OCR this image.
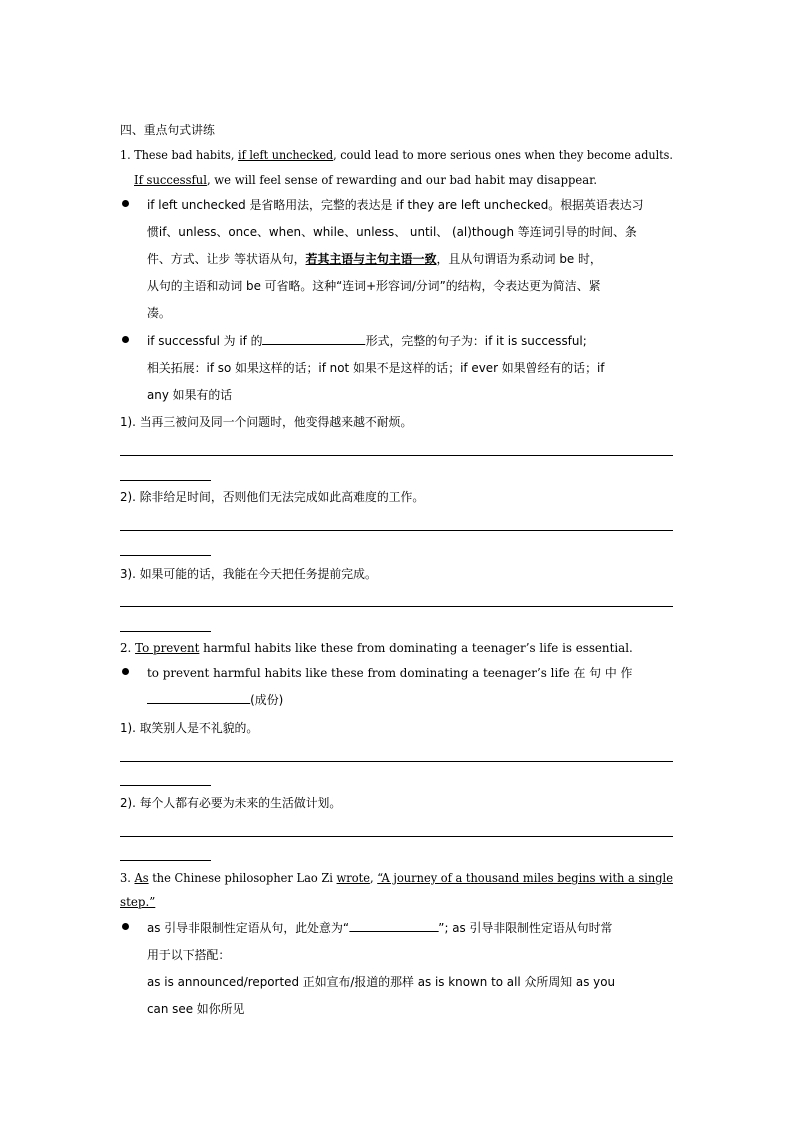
四、重点句式讲练
1. These bad habits, if left unchecked, could lead to more serious ones when they become adults.
If successful, we will feel sense of rewarding and our bad habit may disappear.
if left unchecked 是省略用法，完整的表达是 if they are left unchecked。根据英语表达习
惯if、unless、once、when、while、unless、 until、 (al)though 等连词引导的时间、条
件、方式、让步 等状语从句，若其主语与主句主语一致，且从句谓语为系动词 be 时，
从句的主语和动词 be 可省略。这种“连词+形容词/分词”的结构，令表达更为简洁、紧
凑。
if successful 为 if 的	形式，完整的句子为：if it is successful;
相关拓展：if so 如果这样的话；if not 如果不是这样的话；if ever 如果曾经有的话；if
any 如果有的话
1). 当再三被问及同一个问题时，他变得越来越不耐烦。
2). 除非给足时间，否则他们无法完成如此高难度的工作。
3). 如果可能的话，我能在今天把任务提前完成。
2. To prevent harmful habits like these from dominating a teenager’s life is essential.
to prevent harmful habits like these from dominating a teenager’s life 在 句 中 作
(成份)
1). 取笑别人是不礼貌的。
2). 每个人都有必要为未来的生活做计划。
3. As the Chinese philosopher Lao Zi wrote, “A journey of a thousand miles begins with a single
step.”
as 引导非限制性定语从句，此处意为“	”; as 引导非限制性定语从句时常
用于以下搭配：
as is announced/reported 正如宣布/报道的那样 as is known to all 众所周知 as you
can see 如你所见
